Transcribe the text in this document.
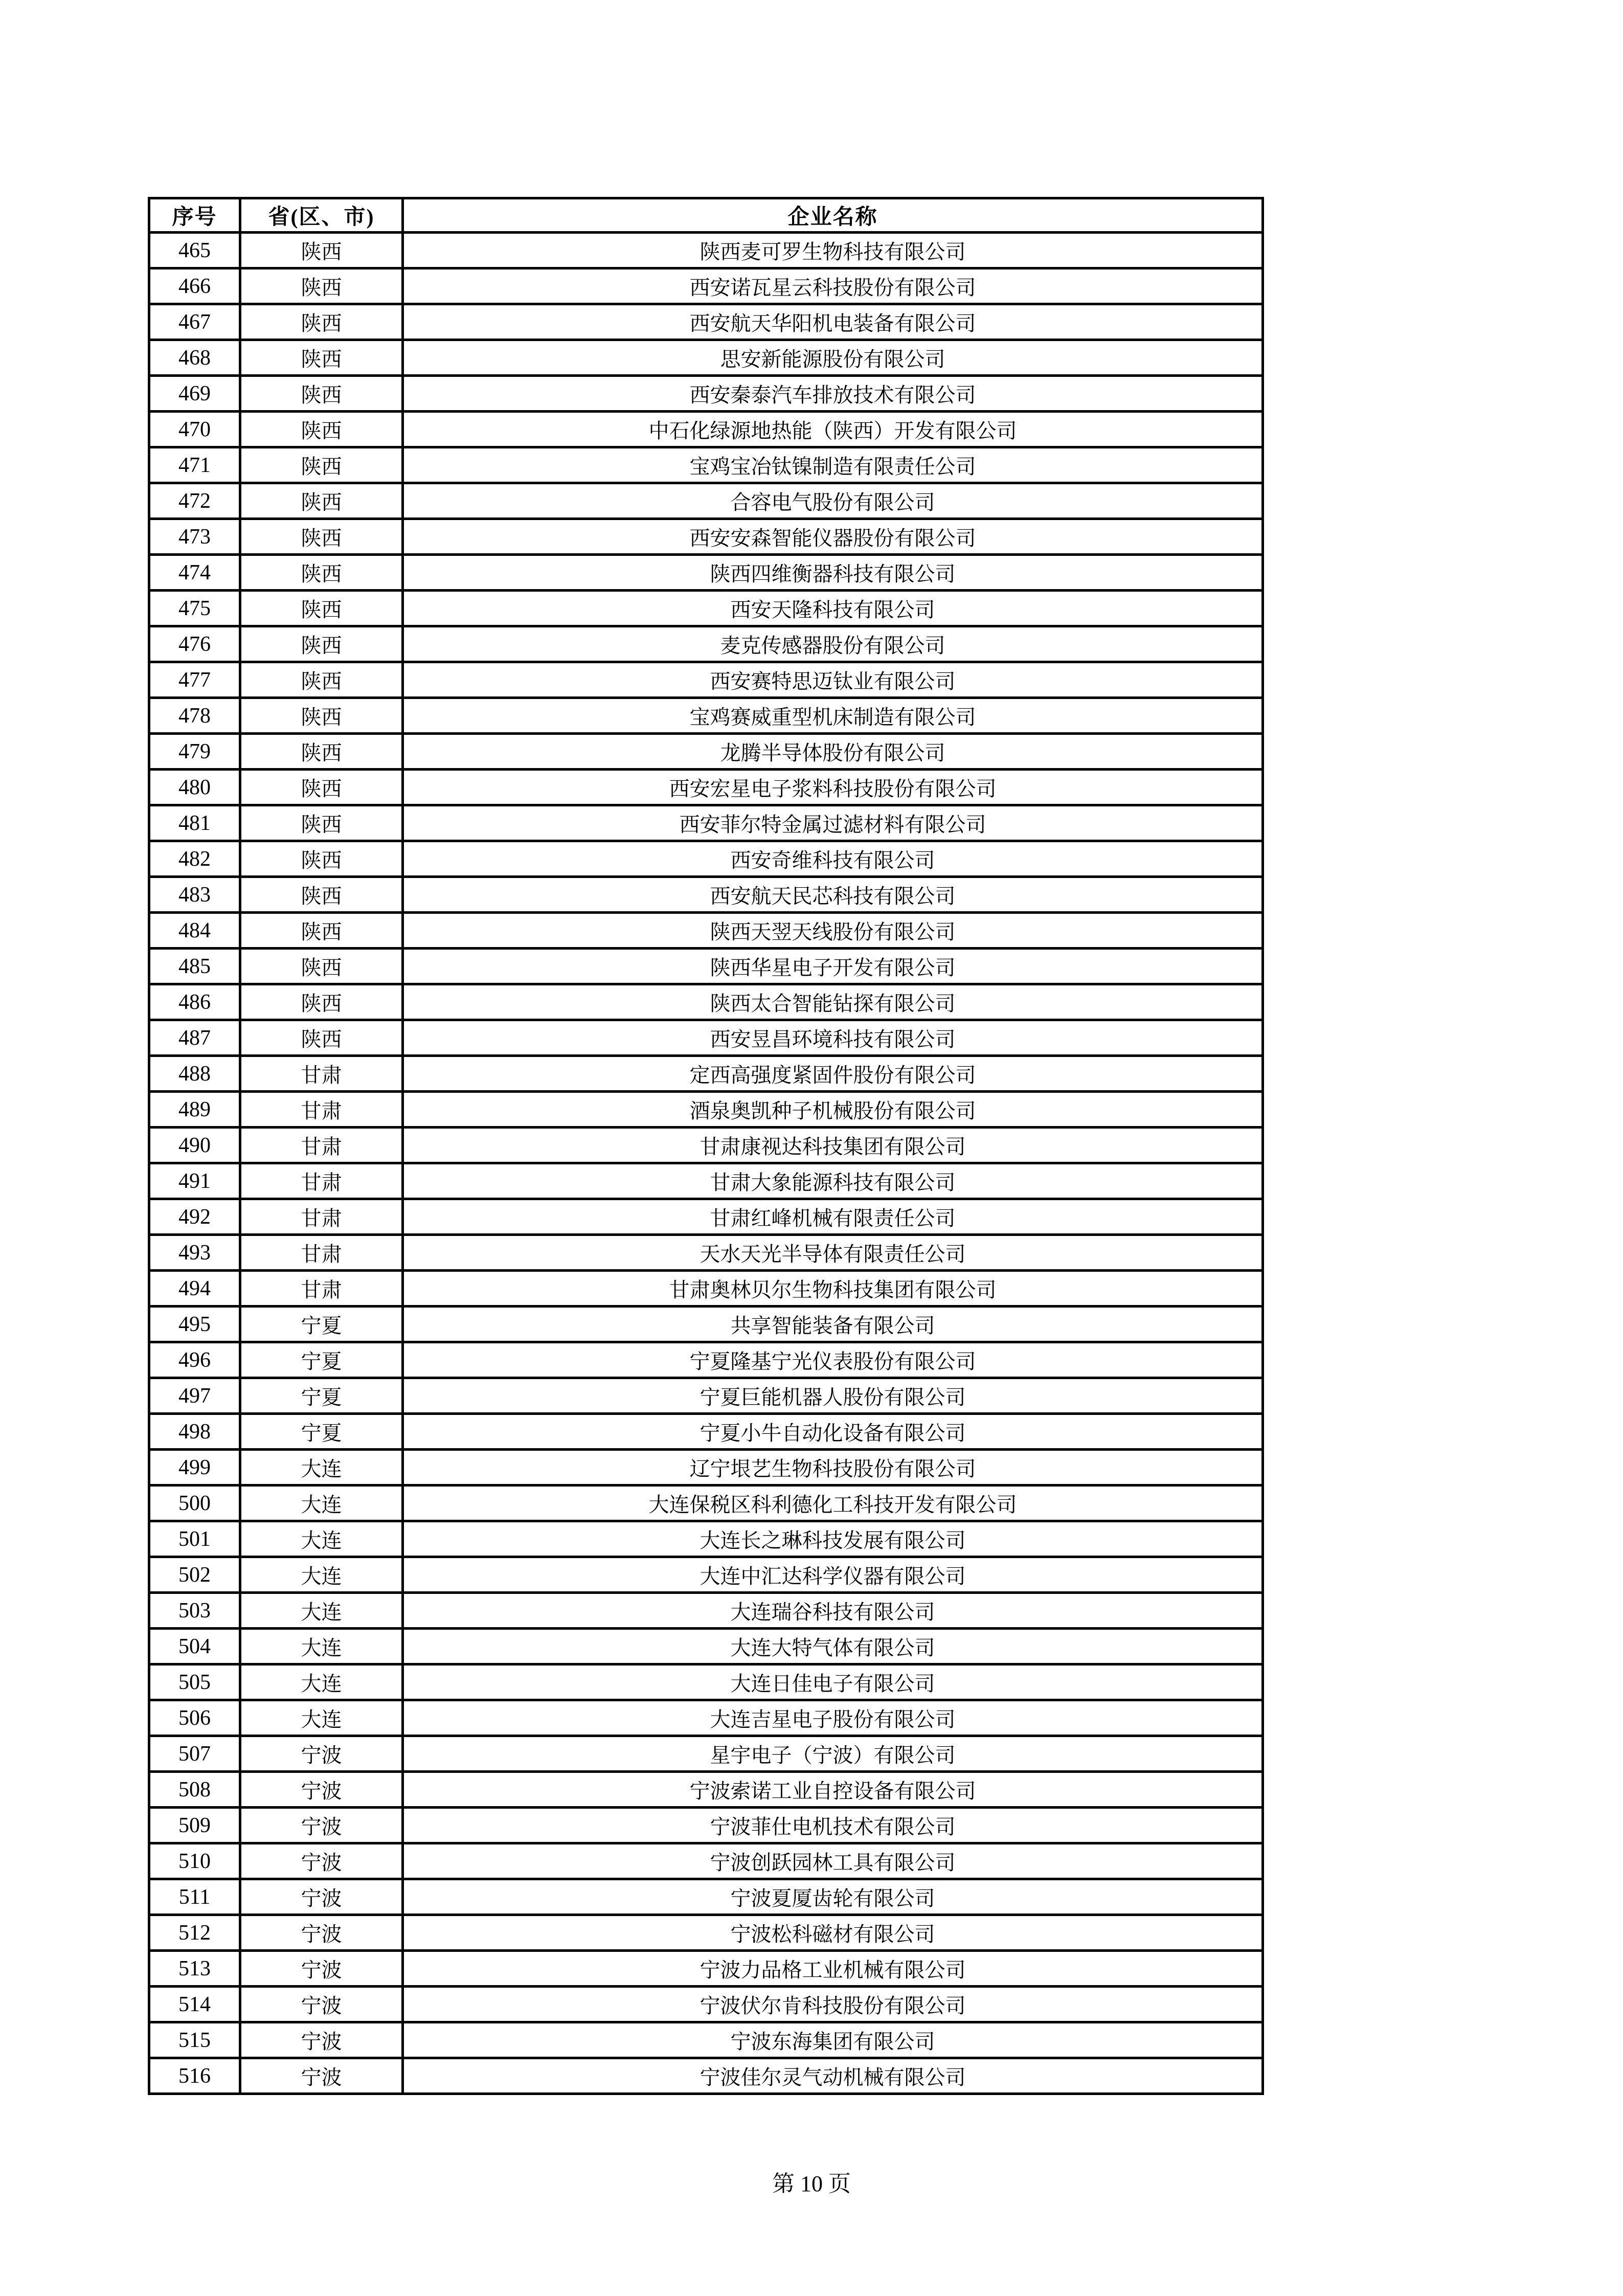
序号	省(区、市)	企业名称
465	陕西	陕西麦可罗生物科技有限公司
466	陕西	西安诺瓦星云科技股份有限公司
467	陕西	西安航天华阳机电装备有限公司
468	陕西	思安新能源股份有限公司
469	陕西	西安秦泰汽车排放技术有限公司
470	陕西	中石化绿源地热能（陕西）开发有限公司
471	陕西	宝鸡宝冶钛镍制造有限责任公司
472	陕西	合容电气股份有限公司
473	陕西	西安安森智能仪器股份有限公司
474	陕西	陕西四维衡器科技有限公司
475	陕西	西安天隆科技有限公司
476	陕西	麦克传感器股份有限公司
477	陕西	西安赛特思迈钛业有限公司
478	陕西	宝鸡赛威重型机床制造有限公司
479	陕西	龙腾半导体股份有限公司
480	陕西	西安宏星电子浆料科技股份有限公司
481	陕西	西安菲尔特金属过滤材料有限公司
482	陕西	西安奇维科技有限公司
483	陕西	西安航天民芯科技有限公司
484	陕西	陕西天翌天线股份有限公司
485	陕西	陕西华星电子开发有限公司
486	陕西	陕西太合智能钻探有限公司
487	陕西	西安昱昌环境科技有限公司
488	甘肃	定西高强度紧固件股份有限公司
489	甘肃	酒泉奥凯种子机械股份有限公司
490	甘肃	甘肃康视达科技集团有限公司
491	甘肃	甘肃大象能源科技有限公司
492	甘肃	甘肃红峰机械有限责任公司
493	甘肃	天水天光半导体有限责任公司
494	甘肃	甘肃奥林贝尔生物科技集团有限公司
495	宁夏	共享智能装备有限公司
496	宁夏	宁夏隆基宁光仪表股份有限公司
497	宁夏	宁夏巨能机器人股份有限公司
498	宁夏	宁夏小牛自动化设备有限公司
499	大连	辽宁垠艺生物科技股份有限公司
500	大连	大连保税区科利德化工科技开发有限公司
501	大连	大连长之琳科技发展有限公司
502	大连	大连中汇达科学仪器有限公司
503	大连	大连瑞谷科技有限公司
504	大连	大连大特气体有限公司
505	大连	大连日佳电子有限公司
506	大连	大连吉星电子股份有限公司
507	宁波	星宇电子（宁波）有限公司
508	宁波	宁波索诺工业自控设备有限公司
509	宁波	宁波菲仕电机技术有限公司
510	宁波	宁波创跃园林工具有限公司
511	宁波	宁波夏厦齿轮有限公司
512	宁波	宁波松科磁材有限公司
513	宁波	宁波力品格工业机械有限公司
514	宁波	宁波伏尔肯科技股份有限公司
515	宁波	宁波东海集团有限公司
516	宁波	宁波佳尔灵气动机械有限公司
第 10 页
